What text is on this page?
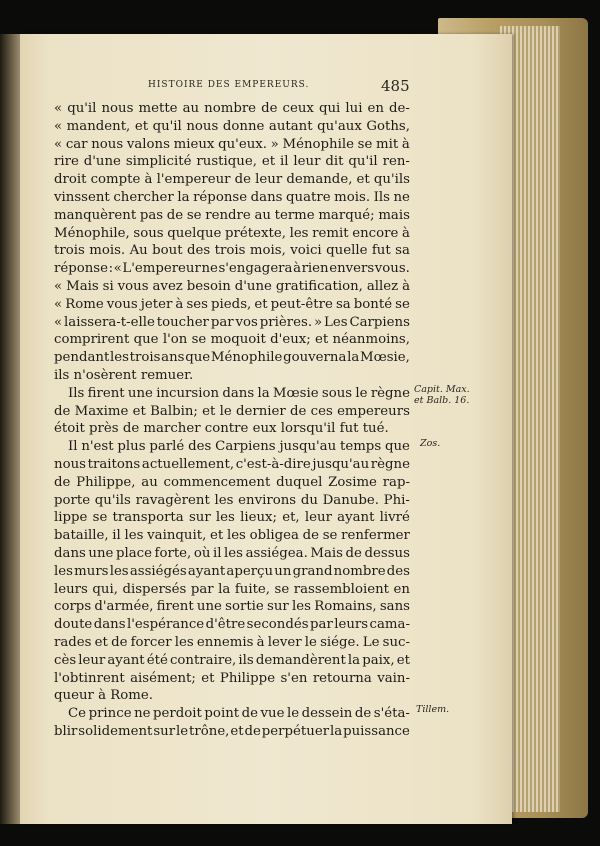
HISTOIRE DES EMPEREURS.	485
« qu'il nous mette au nombre de ceux qui lui en de-
« mandent, et qu'il nous donne autant qu'aux Goths,
« car nous valons mieux qu'eux. » Ménophile se mit à
rire d'une simplicité rustique, et il leur dit qu'il ren-
droit compte à l'empereur de leur demande, et qu'ils
vinssent chercher la réponse dans quatre mois. Ils ne
manquèrent pas de se rendre au terme marqué; mais
Ménophile, sous quelque prétexte, les remit encore à
trois mois. Au bout des trois mois, voici quelle fut sa
réponse : « L'empereur ne s'engagera à rien envers vous.
« Mais si vous avez besoin d'une gratification, allez à
« Rome vous jeter à ses pieds, et peut-être sa bonté se
« laissera-t-elle toucher par vos prières. » Les Carpiens
comprirent que l'on se moquoit d'eux; et néanmoins,
pendant les trois ans que Ménophile gouverna la Mœsie,
ils n'osèrent remuer.
Ils firent une incursion dans la Mœsie sous le règne
de Maxime et Balbin; et le dernier de ces empereurs
étoit près de marcher contre eux lorsqu'il fut tué.
Il n'est plus parlé des Carpiens jusqu'au temps que
nous traitons actuellement, c'est-à-dire jusqu'au règne
de Philippe, au commencement duquel Zosime rap-
porte qu'ils ravagèrent les environs du Danube. Phi-
lippe se transporta sur les lieux; et, leur ayant livré
bataille, il les vainquit, et les obligea de se renfermer
dans une place forte, où il les assiégea. Mais de dessus
les murs les assiégés ayant aperçu un grand nombre des
leurs qui, dispersés par la fuite, se rassembloient en
corps d'armée, firent une sortie sur les Romains, sans
doute dans l'espérance d'être secondés par leurs cama-
rades et de forcer les ennemis à lever le siége. Le suc-
cès leur ayant été contraire, ils demandèrent la paix, et
l'obtinrent aisément; et Philippe s'en retourna vain-
queur à Rome.
Ce prince ne perdoit point de vue le dessein de s'éta-
blir solidement sur le trône, et de perpétuer la puissance
Capit. Max.
et Balb. 16.
Zos.
Tillem.
